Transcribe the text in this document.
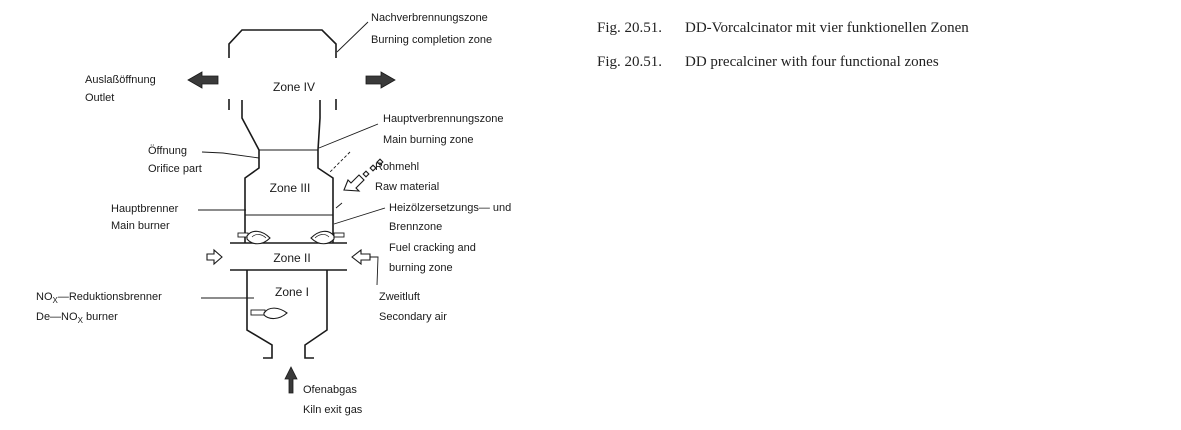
Zone IV
Zone III
Zone II
Zone I
Nachverbrennungszone
Burning completion zone
Auslaßöffnung
Outlet
Hauptverbrennungszone
Main burning zone
Öffnung
Orifice part	Rohmehl
Raw material
Hauptbrenner
Main burner
Heizölzersetzungs— und
Brennzone
Fuel cracking and
burning zone
$NO_X—Reduktionsbrenner$
$De—NO_X$ burner
Zweitluft
Secondary air
Ofenabgas
Kiln exit gas
Fig. 20.51. DD-Vorcalcinator mit vier funktionellen Zonen
Fig. 20.51. DD precalciner with four functional zones
